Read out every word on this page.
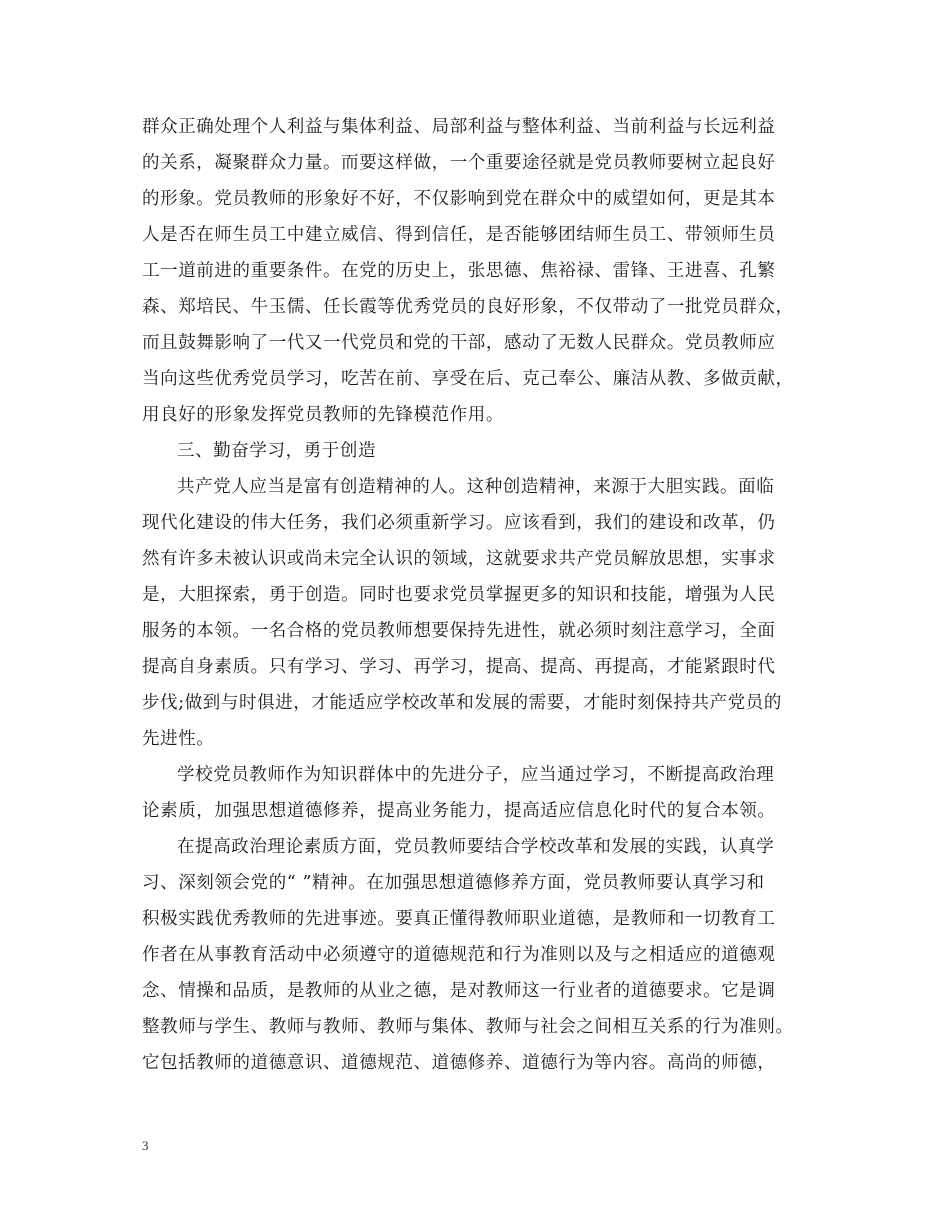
群众正确处理个人利益与集体利益、局部利益与整体利益、当前利益与长远利益
的关系，凝聚群众力量。而要这样做，一个重要途径就是党员教师要树立起良好
的形象。党员教师的形象好不好，不仅影响到党在群众中的威望如何，更是其本
人是否在师生员工中建立威信、得到信任，是否能够团结师生员工、带领师生员
工一道前进的重要条件。在党的历史上，张思德、焦裕禄、雷锋、王进喜、孔繁
森、郑培民、牛玉儒、任长霞等优秀党员的良好形象，不仅带动了一批党员群众，
而且鼓舞影响了一代又一代党员和党的干部，感动了无数人民群众。党员教师应
当向这些优秀党员学习，吃苦在前、享受在后、克己奉公、廉洁从教、多做贡献，
用良好的形象发挥党员教师的先锋模范作用。
三、勤奋学习，勇于创造
共产党人应当是富有创造精神的人。这种创造精神，来源于大胆实践。面临
现代化建设的伟大任务，我们必须重新学习。应该看到，我们的建设和改革，仍
然有许多未被认识或尚未完全认识的领域，这就要求共产党员解放思想，实事求
是，大胆探索，勇于创造。同时也要求党员掌握更多的知识和技能，增强为人民
服务的本领。一名合格的党员教师想要保持先进性，就必须时刻注意学习，全面
提高自身素质。只有学习、学习、再学习，提高、提高、再提高，才能紧跟时代
步伐;做到与时俱进，才能适应学校改革和发展的需要，才能时刻保持共产党员的
先进性。
学校党员教师作为知识群体中的先进分子，应当通过学习，不断提高政治理
论素质，加强思想道德修养，提高业务能力，提高适应信息化时代的复合本领。
在提高政治理论素质方面，党员教师要结合学校改革和发展的实践，认真学
习、深刻领会党的“ ”精神。在加强思想道德修养方面，党员教师要认真学习和
积极实践优秀教师的先进事迹。要真正懂得教师职业道德，是教师和一切教育工
作者在从事教育活动中必须遵守的道德规范和行为准则以及与之相适应的道德观
念、情操和品质，是教师的从业之德，是对教师这一行业者的道德要求。它是调
整教师与学生、教师与教师、教师与集体、教师与社会之间相互关系的行为准则。
它包括教师的道德意识、道德规范、道德修养、道德行为等内容。高尚的师德，
3
